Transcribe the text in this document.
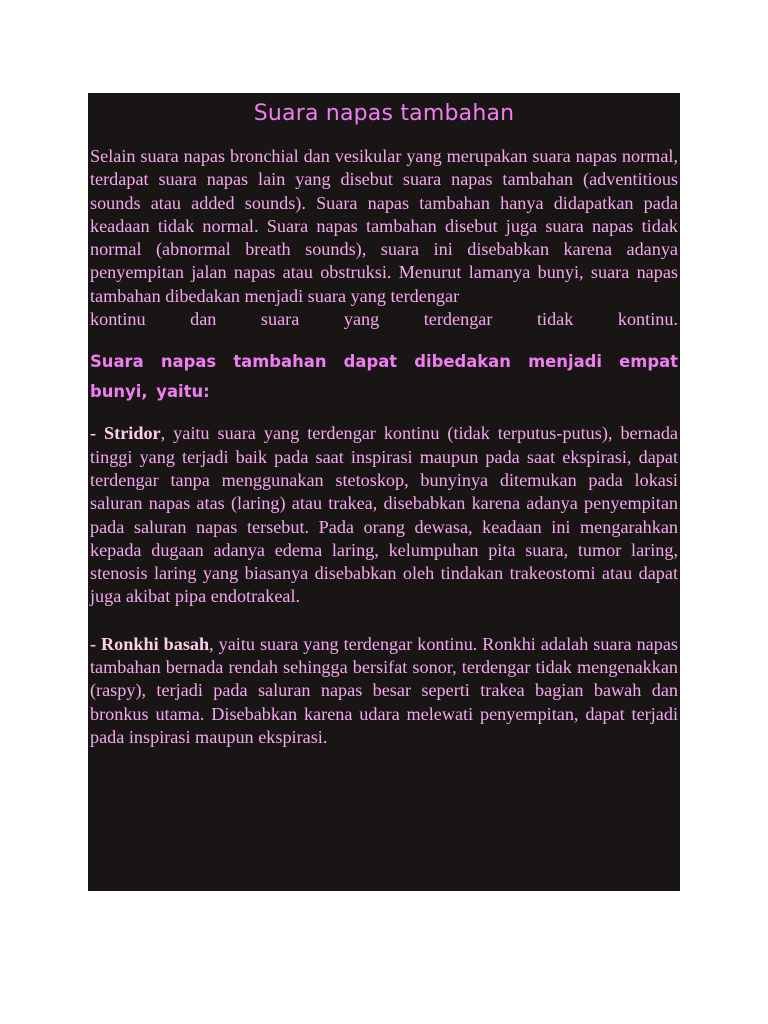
Suara napas tambahan

Selain suara napas bronchial dan vesikular yang merupakan suara napas normal, terdapat suara napas lain yang disebut suara napas tambahan (adventitious sounds atau added sounds). Suara napas tambahan hanya didapatkan pada keadaan tidak normal. Suara napas tambahan disebut juga suara napas tidak normal (abnormal breath sounds), suara ini disebabkan karena adanya penyempitan jalan napas atau obstruksi. Menurut lamanya bunyi, suara napas tambahan dibedakan menjadi suara yang terdengar
kontinu dan suara yang terdengar tidak kontinu.

Suara napas tambahan dapat dibedakan menjadi empat bunyi, yaitu:

- Stridor, yaitu suara yang terdengar kontinu (tidak terputus-putus), bernada tinggi yang terjadi baik pada saat inspirasi maupun pada saat ekspirasi, dapat terdengar tanpa menggunakan stetoskop, bunyinya ditemukan pada lokasi saluran napas atas (laring) atau trakea, disebabkan karena adanya penyempitan pada saluran napas tersebut. Pada orang dewasa, keadaan ini mengarahkan kepada dugaan adanya edema laring, kelumpuhan pita suara, tumor laring, stenosis laring yang biasanya disebabkan oleh tindakan trakeostomi atau dapat juga akibat pipa endotrakeal.

- Ronkhi basah, yaitu suara yang terdengar kontinu. Ronkhi adalah suara napas tambahan bernada rendah sehingga bersifat sonor, terdengar tidak mengenakkan (raspy), terjadi pada saluran napas besar seperti trakea bagian bawah dan bronkus utama. Disebabkan karena udara melewati penyempitan, dapat terjadi pada inspirasi maupun ekspirasi.
